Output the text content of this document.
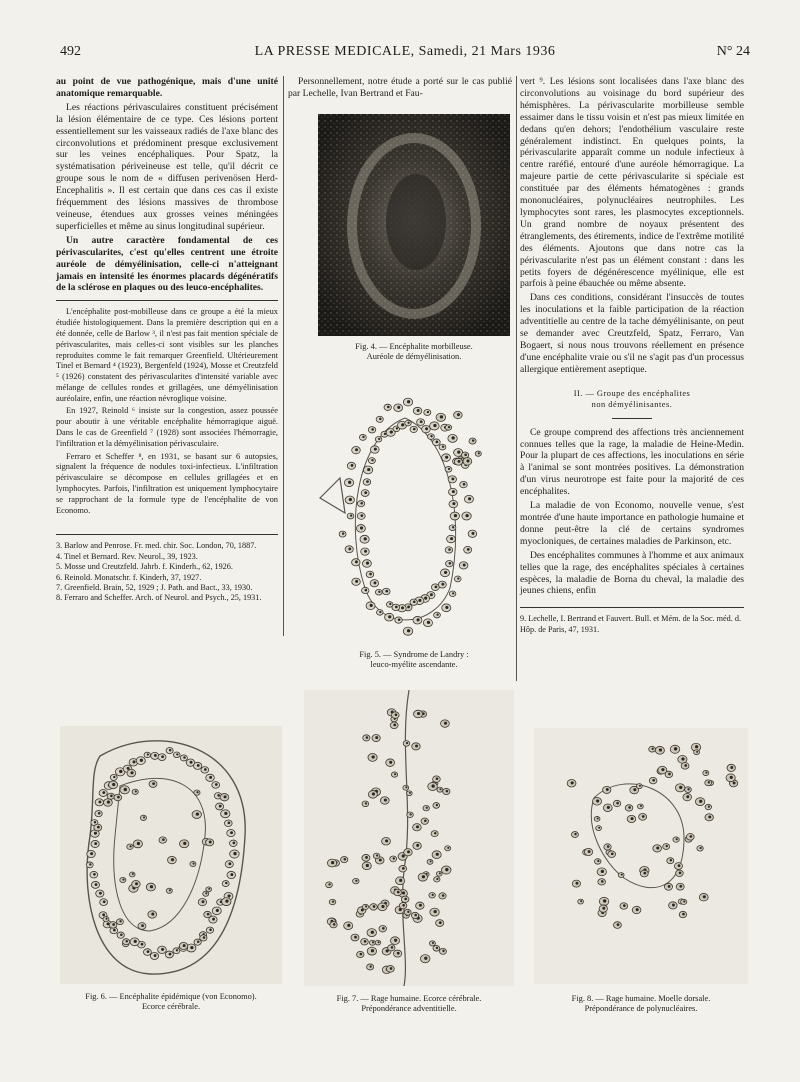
492	LA PRESSE MEDICALE, Samedi, 21 Mars 1936	N° 24

au point de vue pathogénique, mais d'une unité anatomique remarquable.

Les réactions périvasculaires constituent précisément la lésion élémentaire de ce type. Ces lésions portent essentiellement sur les vaisseaux radiés de l'axe blanc des circonvolutions et prédominent presque exclusivement sur les veines encéphaliques. Pour Spatz, la systématisation périveineuse est telle, qu'il décrit ce groupe sous le nom de « diffusen perivenösen Herd-Encephalitis ». Il est certain que dans ces cas il existe fréquemment des lésions massives de thrombose veineuse, étendues aux grosses veines méningées superficielles et même au sinus longitudinal supérieur.

Un autre caractère fondamental de ces périvascularites, c'est qu'elles centrent une étroite auréole de démyélinisation, celle-ci n'atteignant jamais en intensité les énormes placards dégénératifs de la sclérose en plaques ou des leuco-encéphalites.

L'encéphalite post-mobilleuse dans ce groupe a été la mieux étudiée histologiquement. Dans la première description qui en a été donnée, celle de Barlow ³, il n'est pas fait mention spéciale de périvascularites, mais celles-ci sont visibles sur les planches reproduites comme le fait remarquer Greenfield. Ultérieurement Tinel et Bernard ⁴ (1923), Bergenfeld (1924), Mosse et Creutzfeld ⁵ (1926) constatent des périvascularites d'intensité variable avec mélange de cellules rondes et grillagées, une démyélinisation auréolaire, enfin, une réaction névroglique voisine.

En 1927, Reinold ⁶ insiste sur la congestion, assez poussée pour aboutir à une véritable encéphalite hémorragique aiguë. Dans le cas de Greenfield ⁷ (1928) sont associées l'hémorragie, l'infiltration et la démyélinisation périvasculaire.

Ferraro et Scheffer ⁸, en 1931, se basant sur 6 autopsies, signalent la fréquence de nodules toxi-infectieux. L'infiltration périvasculaire se décompose en cellules grillagées et en lymphocytes. Parfois, l'infiltration est uniquement lymphocytaire se rapprochant de la formule type de l'encéphalite de von Economo.

3. Barlow and Penrose. Fr. med. chir. Soc. London, 70, 1887.
4. Tinel et Bernard. Rev. Neurol., 39, 1923.
5. Mosse und Creutzfeld. Jahrb. f. Kinderh., 62, 1926.
6. Reinold. Monatschr. f. Kinderh, 37, 1927.
7. Greenfield. Brain, 52, 1929 ; J. Path. and Bact., 33, 1930.
8. Ferraro and Scheffer. Arch. of Neurol. and Psych., 25, 1931.

Personnellement, notre étude a porté sur le cas publié par Lechelle, Ivan Bertrand et Fau-

Fig. 4. — Encéphalite morbilleuse.
Auréole de démyélinisation.
Fig. 5. — Syndrome de Landry :
leuco-myélite ascendante.

vert ⁹. Les lésions sont localisées dans l'axe blanc des circonvolutions au voisinage du bord supérieur des hémisphères. La périvascularite morbilleuse semble essaimer dans le tissu voisin et n'est pas mieux limitée en dedans qu'en dehors; l'endothélium vasculaire reste généralement indistinct. En quelques points, la périvascularite apparaît comme un nodule infectieux à centre raréfié, entouré d'une auréole hémorragique. La majeure partie de cette périvascularite si spéciale est constituée par des éléments hématogènes : grands mononucléaires, polynucléaires neutrophiles. Les lymphocytes sont rares, les plasmocytes exceptionnels. Un grand nombre de noyaux présentent des étranglements, des étirements, indice de l'extrême motilité des éléments. Ajoutons que dans notre cas la périvascularite n'est pas un élément constant : dans les petits foyers de dégénérescence myélinique, elle est parfois à peine ébauchée ou même absente.

Dans ces conditions, considérant l'insuccès de toutes les inoculations et la faible participation de la réaction adventitielle au centre de la tache démyélinisante, on peut se demander avec Creutzfeld, Spatz, Ferraro, Van Bogaert, si nous nous trouvons réellement en présence d'une encéphalite vraie ou s'il ne s'agit pas d'un processus allergique entièrement aseptique.

II. — Groupe des encéphalites
non démyélinisantes.

Ce groupe comprend des affections très anciennement connues telles que la rage, la maladie de Heine-Medin. Pour la plupart de ces affections, les inoculations en série à l'animal se sont montrées positives. La démonstration d'un virus neurotrope est faite pour la majorité de ces encéphalites.

La maladie de von Economo, nouvelle venue, s'est montrée d'une haute importance en pathologie humaine et donne peut-être la clé de certains syndromes myocloniques, de certaines maladies de Parkinson, etc.

Des encéphalites communes à l'homme et aux animaux telles que la rage, des encéphalites spéciales à certaines espèces, la maladie de Borna du cheval, la maladie des jeunes chiens, enfin

9. Lechelle, I. Bertrand et Fauvert. Bull. et Mém. de la Soc. méd. d. Hôp. de Paris, 47, 1931.
Fig. 6. — Encéphalite épidémique (von Economo).
Ecorce cérébrale.
Fig. 7. — Rage humaine. Ecorce cérébrale.
Prépondérance adventitielle.
Fig. 8. — Rage humaine. Moelle dorsale.
Prépondérance de polynucléaires.
